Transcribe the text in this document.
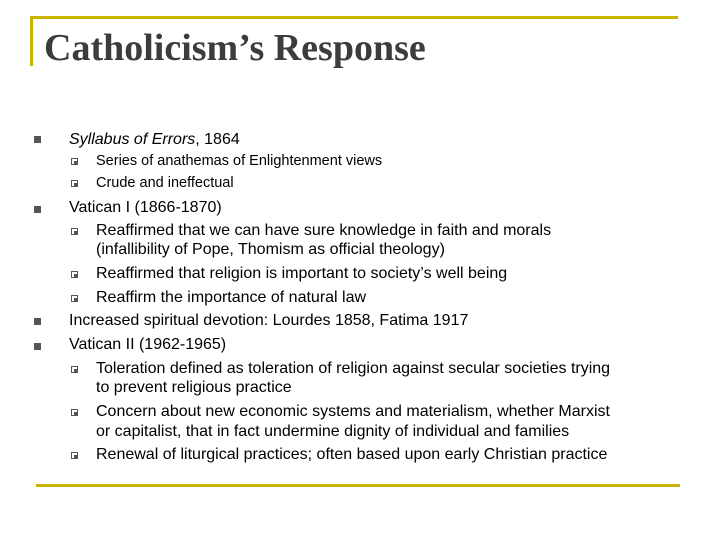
Catholicism’s Response
Syllabus of Errors, 1864
Series of anathemas of Enlightenment views
Crude and ineffectual
Vatican I (1866-1870)
Reaffirmed that we can have sure knowledge in faith and morals
(infallibility of Pope, Thomism as official theology)
Reaffirmed that religion is important to society’s well being
Reaffirm the importance of natural law
Increased spiritual devotion: Lourdes 1858, Fatima 1917
Vatican II (1962-1965)
Toleration defined as toleration of religion against secular societies trying
to prevent religious practice
Concern about new economic systems and materialism, whether Marxist
or capitalist, that in fact undermine dignity of individual and families
Renewal of liturgical practices; often based upon early Christian practice
